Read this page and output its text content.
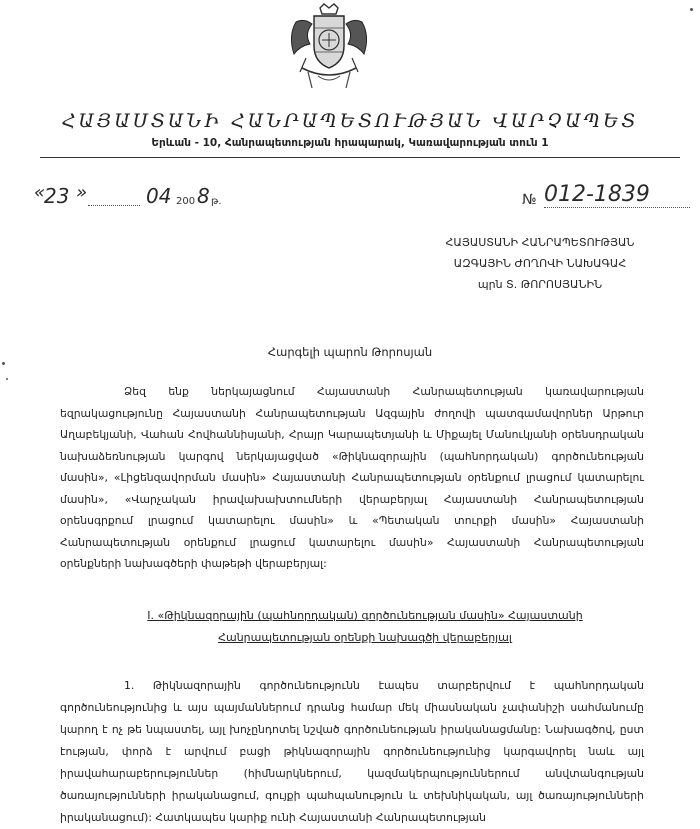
ՀԱՅԱՍՏԱՆԻ ՀԱՆՐԱՊԵՏՈՒԹՅԱՆ ՎԱՐՉԱՊԵՏ
Երևան - 10, Հանրապետության հրապարակ, Կառավարության տուն 1
«
23 »	04 200 8 թ.	№ 012-1839
ՀԱՅԱՍՏԱՆԻ ՀԱՆՐԱՊԵՏՈՒԹՅԱՆ
ԱԶԳԱՅԻՆ ԺՈՂՈՎԻ ՆԱԽԱԳԱՀ
պրն Տ. ԹՈՐՈՍՅԱՆԻՆ
Հարգելի պարոն Թորոսյան

Ձեզ ենք ներկայացնում Հայաստանի Հանրապետության կառավարության եզրակացությունը Հայաստանի Հանրապետության Ազգային ժողովի պատգամավորներ Արթուր Աղաբեկյանի, Վահան Հովհաննիսյանի, Հրայր Կարապետյանի և Միքայել Մանուկյանի օրենսդրական նախաձեռնության կարգով ներկայացված «Թիկնազորային (պահնորդական) գործունեության մասին», «Լիցենզավորման մասին» Հայաստանի Հանրապետության օրենքում լրացում կատարելու մասին», «Վարչական իրավախախտումների վերաբերյալ Հայաստանի Հանրապետության օրենսգրքում լրացում կատարելու մասին» և «Պետական տուրքի մասին» Հայաստանի Հանրապետության օրենքում լրացում կատարելու մասին» Հայաստանի Հանրապետության օրենքների նախագծերի փաթեթի վերաբերյալ:

I. «Թիկնազորային (պահնորդական) գործունեության մասին» Հայաստանի
Հանրապետության օրենքի նախագծի վերաբերյալ

1. Թիկնազորային գործունեությունն էապես տարբերվում է պահնորդական գործունեությունից և այս պայմաններում դրանց համար մեկ միասնական չափանիշի սահմանումը կարող է ոչ թե նպաստել, այլ խոչընդոտել նշված գործունեության իրականացմանը: Նախագծով, ըստ էության, փորձ է արվում բացի թիկնազորային գործունեությունից կարգավորել նաև այլ իրավահարաբերություններ (հիմնարկներում, կազմակերպություններում անվտանգության ծառայությունների իրականացում, գույքի պահպանություն և տեխնիկական, այլ ծառայությունների իրականացում): Հատկապես կարիք ունի Հայաստանի Հանրապետության
